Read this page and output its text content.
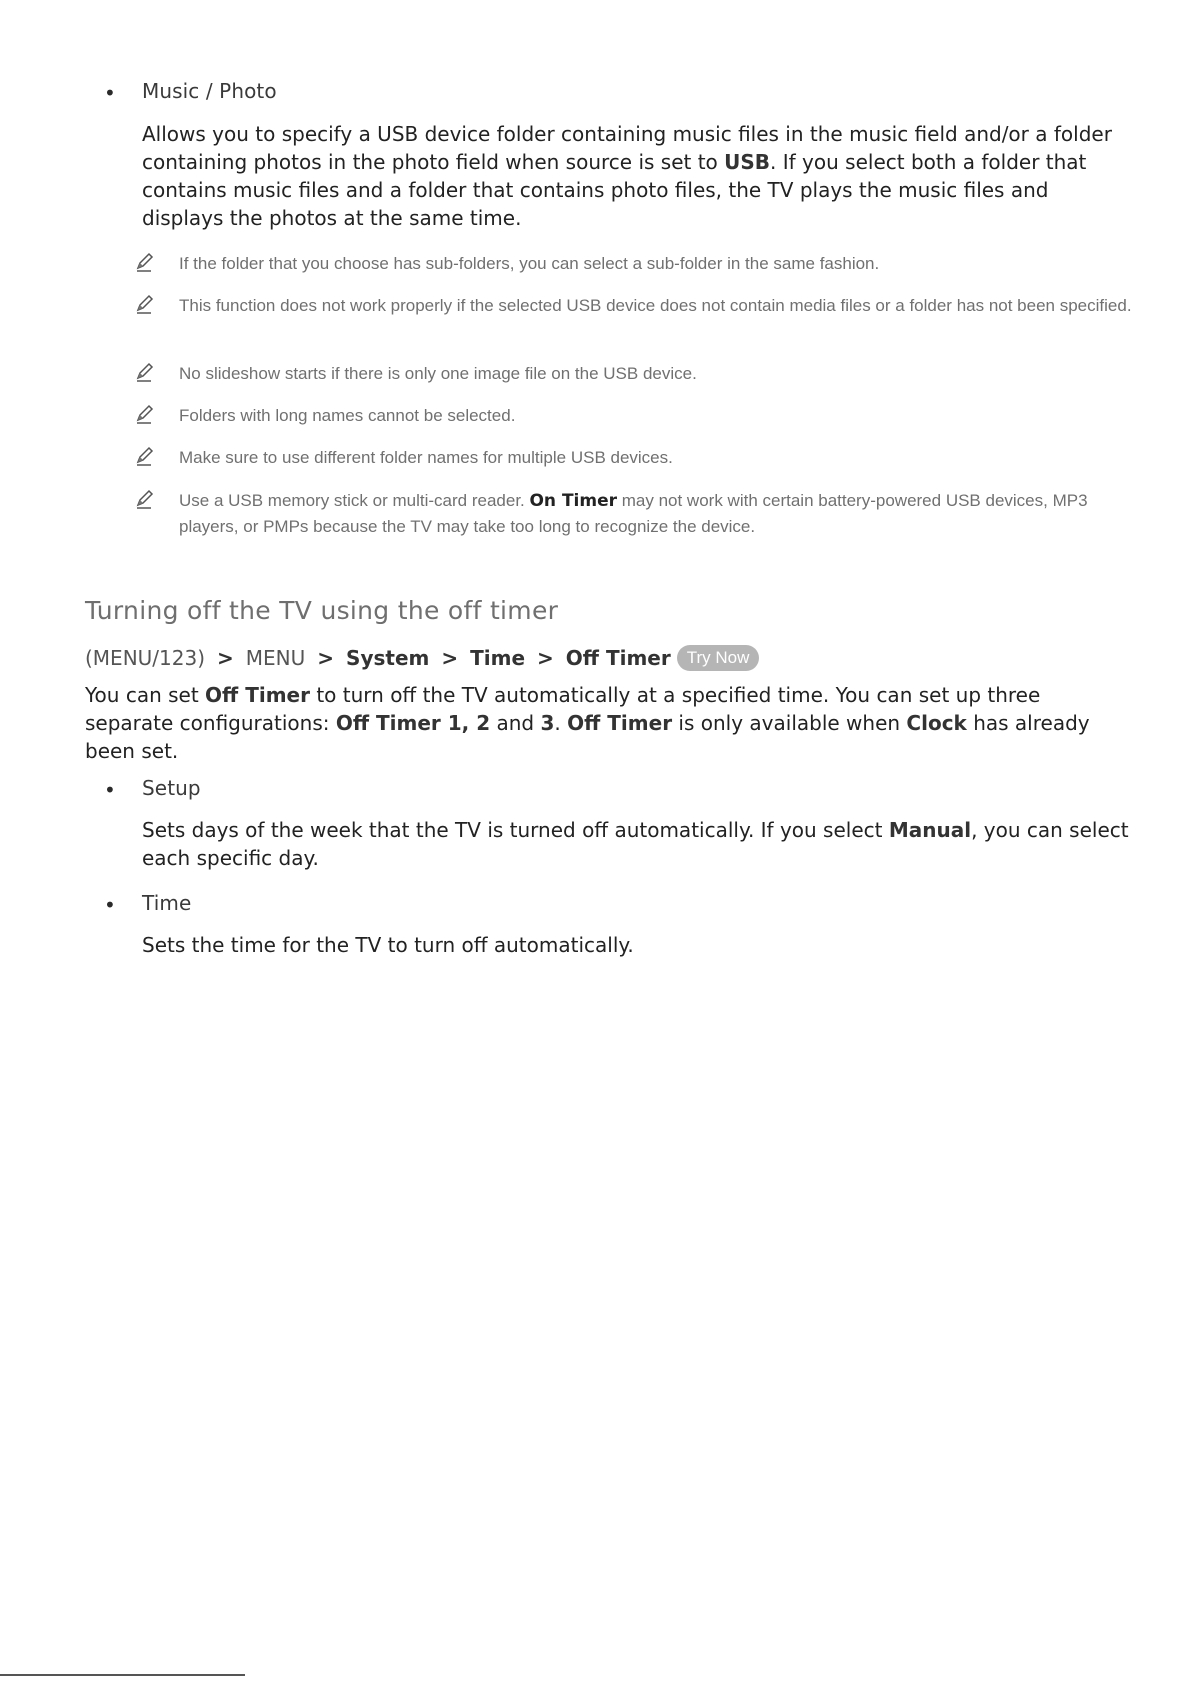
• Music / Photo
Allows you to specify a USB device folder containing music files in the music field and/or a folder containing photos in the photo field when source is set to USB. If you select both a folder that contains music files and a folder that contains photo files, the TV plays the music files and displays the photos at the same time.
If the folder that you choose has sub-folders, you can select a sub-folder in the same fashion.
This function does not work properly if the selected USB device does not contain media files or a folder has not been specified.
No slideshow starts if there is only one image file on the USB device.
Folders with long names cannot be selected.
Make sure to use different folder names for multiple USB devices.
Use a USB memory stick or multi-card reader. On Timer may not work with certain battery-powered USB devices, MP3 players, or PMPs because the TV may take too long to recognize the device.
Turning off the TV using the off timer
(MENU/123) > MENU > System > Time > Off Timer Try Now
You can set Off Timer to turn off the TV automatically at a specified time. You can set up three separate configurations: Off Timer 1, 2 and 3. Off Timer is only available when Clock has already been set.
• Setup
Sets days of the week that the TV is turned off automatically. If you select Manual, you can select each specific day.
• Time
Sets the time for the TV to turn off automatically.
